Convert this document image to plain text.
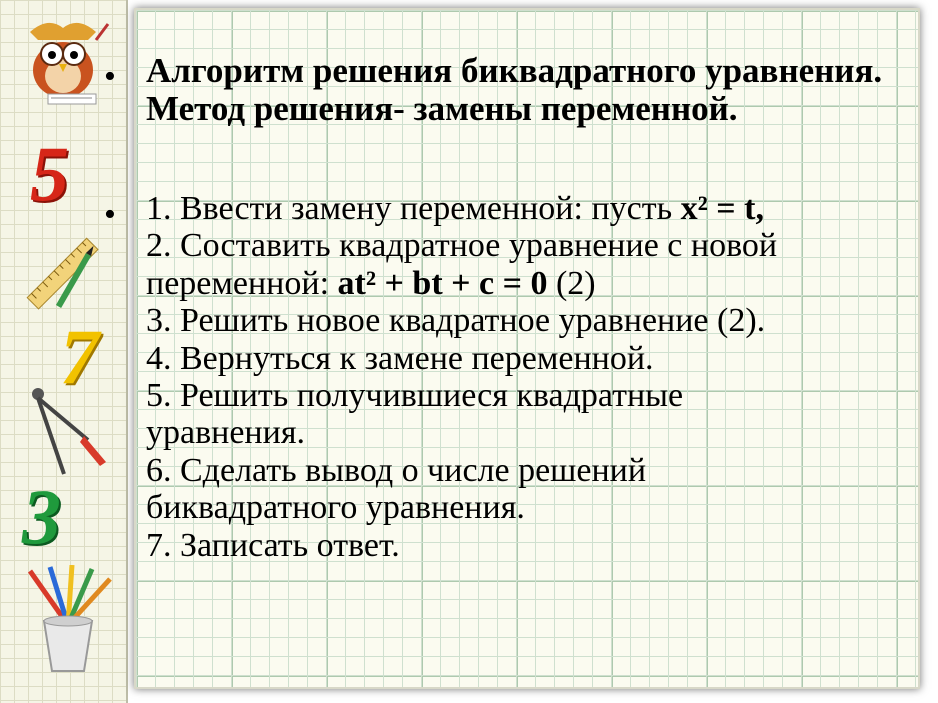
5
7
3
• Алгоритм решения биквадратного уравнения. Метод решения- замены переменной.
• 1. Ввести замену переменной: пусть x² = t,
2. Составить квадратное уравнение с новой
переменной: at² + bt + c = 0 (2)
3. Решить новое квадратное уравнение (2).
4. Вернуться к замене переменной.
5. Решить получившиеся квадратные
уравнения.
6. Сделать вывод о числе решений
биквадратного уравнения.
7. Записать ответ.
